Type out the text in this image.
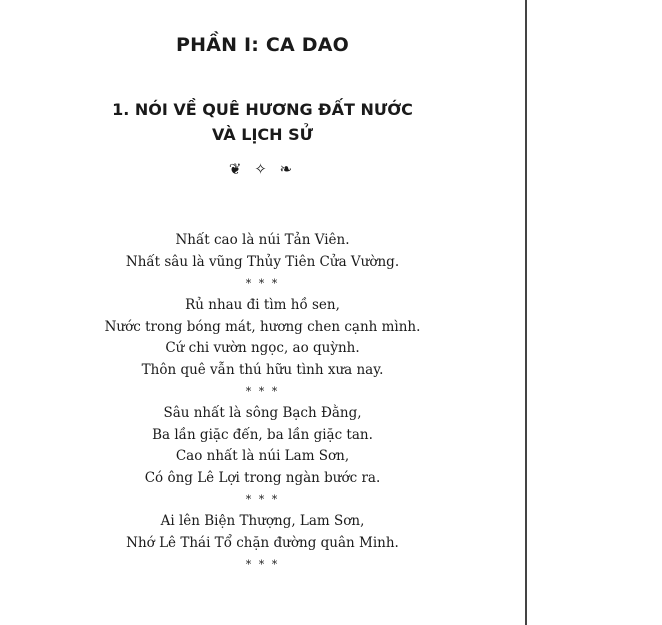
PHẦN I: CA DAO
1. NÓI VỀ QUÊ HƯƠNG ĐẤT NƯỚC
VÀ LỊCH SỬ
❦ ✧ ❧
Nhất cao là núi Tản Viên.
Nhất sâu là vũng Thủy Tiên Cửa Vường.
* * *
Rủ nhau đi tìm hồ sen,
Nước trong bóng mát, hương chen cạnh mình.
Cứ chi vườn ngọc, ao quỳnh.
Thôn quê vẫn thú hữu tình xưa nay.
* * *
Sâu nhất là sông Bạch Đằng,
Ba lần giặc đến, ba lần giặc tan.
Cao nhất là núi Lam Sơn,
Có ông Lê Lợi trong ngàn bước ra.
* * *
Ai lên Biện Thượng, Lam Sơn,
Nhớ Lê Thái Tổ chặn đường quân Minh.
* * *
